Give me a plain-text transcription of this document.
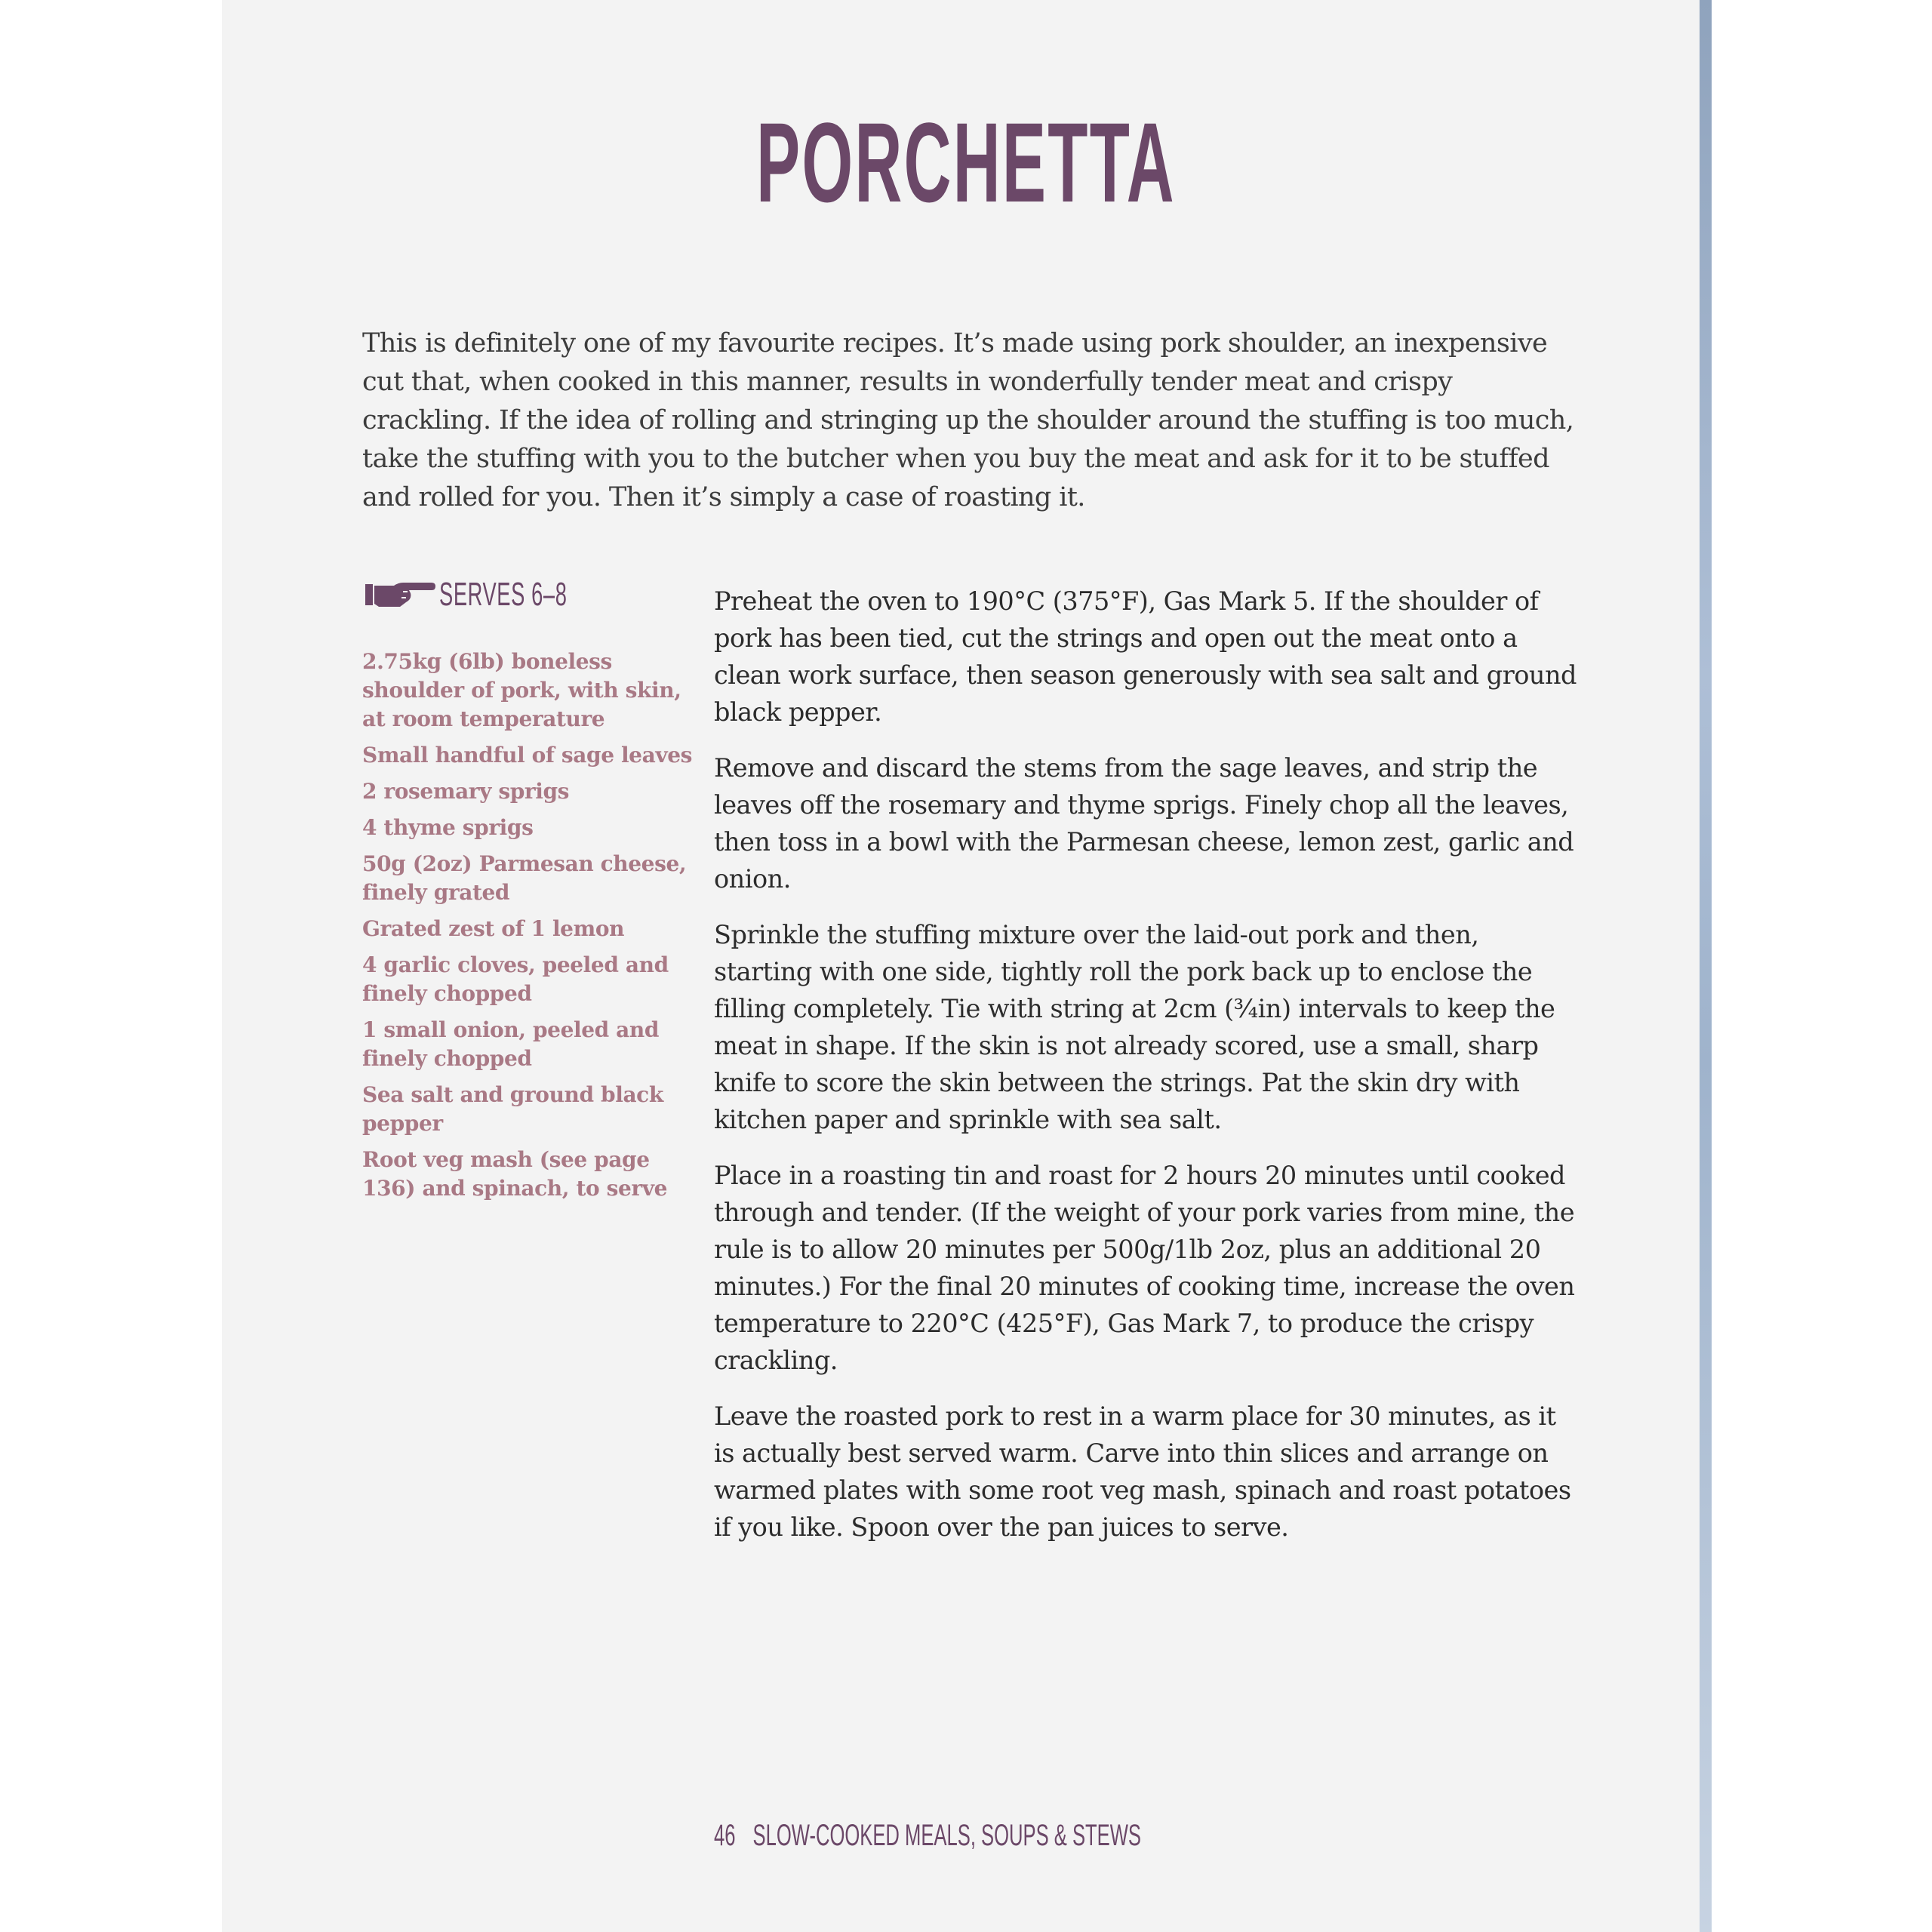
PORCHETTA

This is definitely one of my favourite recipes. It’s made using pork shoulder, an inexpensive cut that, when cooked in this manner, results in wonderfully tender meat and crispy crackling. If the idea of rolling and stringing up the shoulder around the stuffing is too much, take the stuffing with you to the butcher when you buy the meat and ask for it to be stuffed and rolled for you. Then it’s simply a case of roasting it.

SERVES 6–8
2.75kg (6lb) boneless shoulder of pork, with skin, at room temperature
Small handful of sage leaves
2 rosemary sprigs
4 thyme sprigs
50g (2oz) Parmesan cheese, finely grated
Grated zest of 1 lemon
4 garlic cloves, peeled and finely chopped
1 small onion, peeled and finely chopped
Sea salt and ground black pepper
Root veg mash (see page 136) and spinach, to serve

Preheat the oven to 190°C (375°F), Gas Mark 5. If the shoulder of pork has been tied, cut the strings and open out the meat onto a clean work surface, then season generously with sea salt and ground black pepper.

Remove and discard the stems from the sage leaves, and strip the leaves off the rosemary and thyme sprigs. Finely chop all the leaves, then toss in a bowl with the Parmesan cheese, lemon zest, garlic and onion.

Sprinkle the stuffing mixture over the laid-out pork and then, starting with one side, tightly roll the pork back up to enclose the filling completely. Tie with string at 2cm (¾in) intervals to keep the meat in shape. If the skin is not already scored, use a small, sharp knife to score the skin between the strings. Pat the skin dry with kitchen paper and sprinkle with sea salt.

Place in a roasting tin and roast for 2 hours 20 minutes until cooked through and tender. (If the weight of your pork varies from mine, the rule is to allow 20 minutes per 500g/1lb 2oz, plus an additional 20 minutes.) For the final 20 minutes of cooking time, increase the oven temperature to 220°C (425°F), Gas Mark 7, to produce the crispy crackling.

Leave the roasted pork to rest in a warm place for 30 minutes, as it is actually best served warm. Carve into thin slices and arrange on warmed plates with some root veg mash, spinach and roast potatoes if you like. Spoon over the pan juices to serve.

46 SLOW-COOKED MEALS, SOUPS & STEWS
